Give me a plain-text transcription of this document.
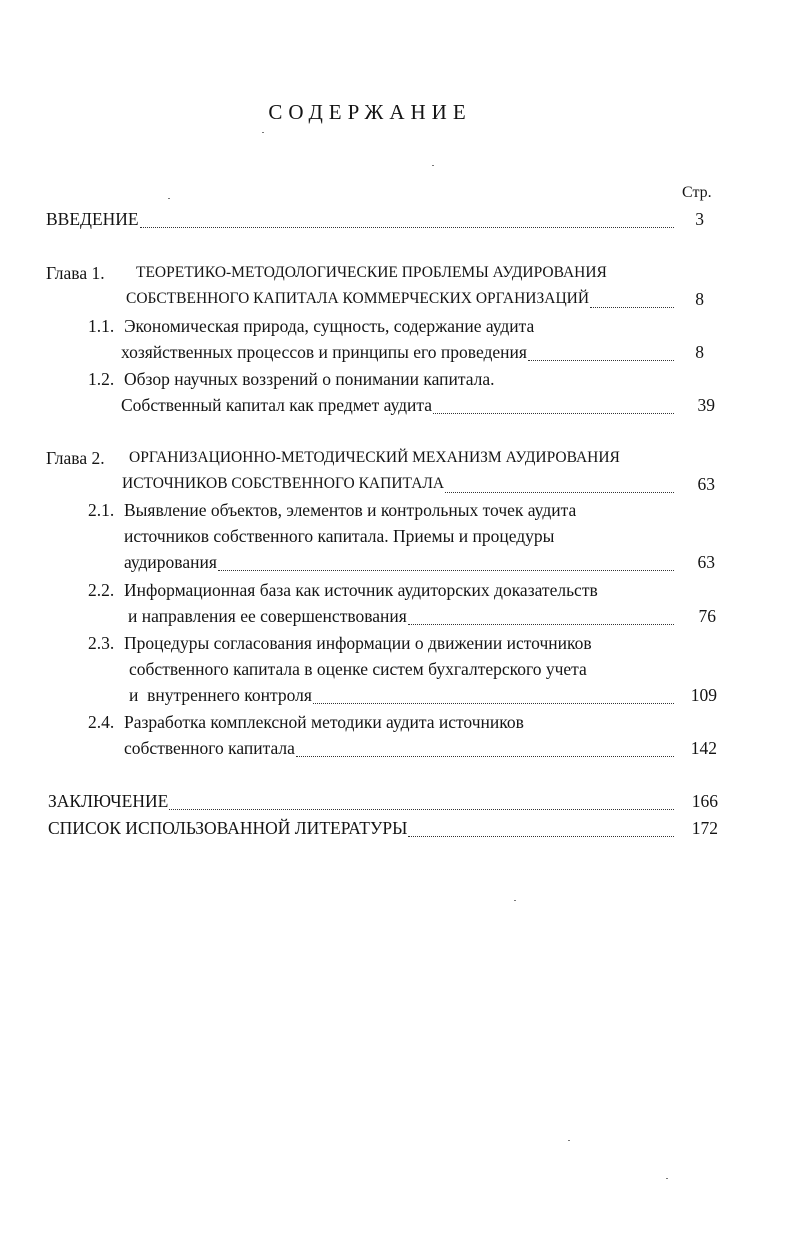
СОДЕРЖАНИЕ
Стр.
ВВЕДЕНИЕ	3
Глава 1. ТЕОРЕТИКО-МЕТОДОЛОГИЧЕСКИЕ ПРОБЛЕМЫ АУДИРОВАНИЯ
СОБСТВЕННОГО КАПИТАЛА КОММЕРЧЕСКИХ ОРГАНИЗАЦИЙ	8
1.1. Экономическая природа, сущность, содержание аудита
хозяйственных процессов и принципы его проведения	8
1.2. Обзор научных воззрений о понимании капитала.
Собственный капитал как предмет аудита	39
Глава 2. ОРГАНИЗАЦИОННО-МЕТОДИЧЕСКИЙ МЕХАНИЗМ АУДИРОВАНИЯ
ИСТОЧНИКОВ СОБСТВЕННОГО КАПИТАЛА	63
2.1. Выявление объектов, элементов и контрольных точек аудита
источников собственного капитала. Приемы и процедуры
аудирования	63
2.2. Информационная база как источник аудиторских доказательств
и направления ее совершенствования	76
2.3. Процедуры согласования информации о движении источников
собственного капитала в оценке систем бухгалтерского учета
и  внутреннего контроля	109
2.4. Разработка комплексной методики аудита источников
собственного капитала	142
ЗАКЛЮЧЕНИЕ	166
СПИСОК ИСПОЛЬЗОВАННОЙ ЛИТЕРАТУРЫ	172
